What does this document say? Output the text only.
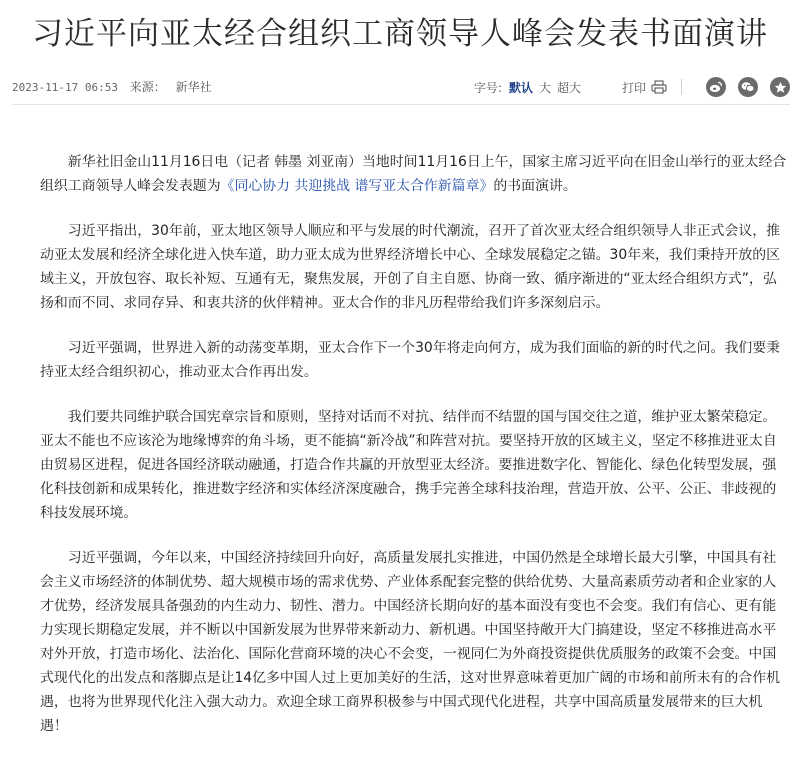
习近平向亚太经合组织工商领导人峰会发表书面演讲
2023-11-17 06:53 来源： 新华社	字号: 默认 大 超大	打印

　　新华社旧金山11月16日电（记者 韩墨 刘亚南）当地时间11月16日上午，国家主席习近平向在旧金山举行的亚太经合组织工商领导人峰会发表题为《同心协力 共迎挑战 谱写亚太合作新篇章》的书面演讲。

　　习近平指出，30年前，亚太地区领导人顺应和平与发展的时代潮流，召开了首次亚太经合组织领导人非正式会议，推动亚太发展和经济全球化进入快车道，助力亚太成为世界经济增长中心、全球发展稳定之锚。30年来，我们秉持开放的区域主义，开放包容、取长补短、互通有无，聚焦发展，开创了自主自愿、协商一致、循序渐进的“亚太经合组织方式”，弘扬和而不同、求同存异、和衷共济的伙伴精神。亚太合作的非凡历程带给我们许多深刻启示。

　　习近平强调，世界进入新的动荡变革期，亚太合作下一个30年将走向何方，成为我们面临的新的时代之问。我们要秉持亚太经合组织初心，推动亚太合作再出发。

　　我们要共同维护联合国宪章宗旨和原则，坚持对话而不对抗、结伴而不结盟的国与国交往之道，维护亚太繁荣稳定。亚太不能也不应该沦为地缘博弈的角斗场，更不能搞“新冷战”和阵营对抗。要坚持开放的区域主义，坚定不移推进亚太自由贸易区进程，促进各国经济联动融通，打造合作共赢的开放型亚太经济。要推进数字化、智能化、绿色化转型发展，强化科技创新和成果转化，推进数字经济和实体经济深度融合，携手完善全球科技治理，营造开放、公平、公正、非歧视的科技发展环境。

　　习近平强调，今年以来，中国经济持续回升向好，高质量发展扎实推进，中国仍然是全球增长最大引擎，中国具有社会主义市场经济的体制优势、超大规模市场的需求优势、产业体系配套完整的供给优势、大量高素质劳动者和企业家的人才优势，经济发展具备强劲的内生动力、韧性、潜力。中国经济长期向好的基本面没有变也不会变。我们有信心、更有能力实现长期稳定发展，并不断以中国新发展为世界带来新动力、新机遇。中国坚持敞开大门搞建设，坚定不移推进高水平对外开放，打造市场化、法治化、国际化营商环境的决心不会变，一视同仁为外商投资提供优质服务的政策不会变。中国式现代化的出发点和落脚点是让14亿多中国人过上更加美好的生活，这对世界意味着更加广阔的市场和前所未有的合作机遇，也将为世界现代化注入强大动力。欢迎全球工商界积极参与中国式现代化进程，共享中国高质量发展带来的巨大机遇！
